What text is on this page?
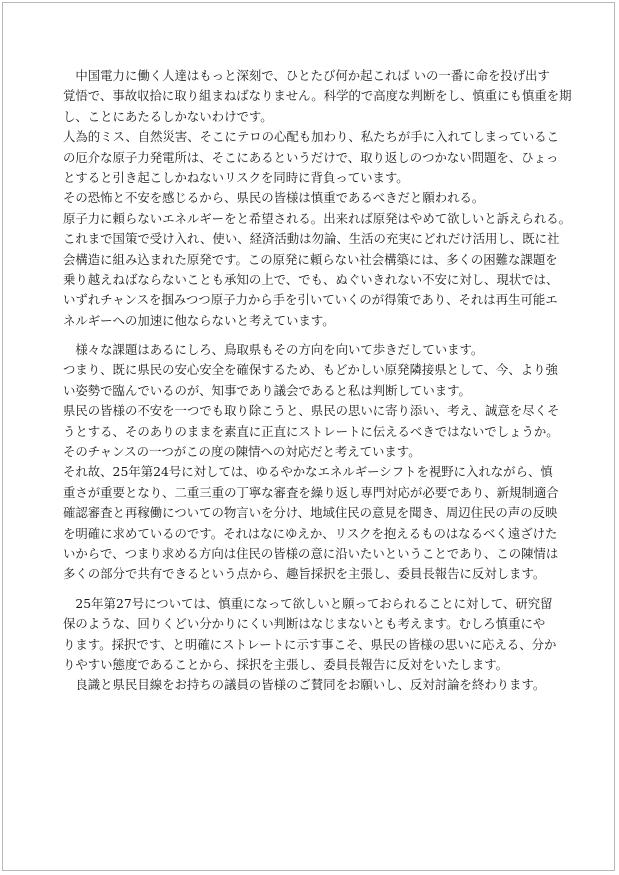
　中国電力に働く人達はもっと深刻で、ひとたび何か起これば いの一番に命を投げ出す
覚悟で、事故収拾に取り組まねばなりません。科学的で高度な判断をし、慎重にも慎重を期
し、ことにあたるしかないわけです。
人為的ミス、自然災害、そこにテロの心配も加わり、私たちが手に入れてしまっているこ
の厄介な原子力発電所は、そこにあるというだけで、取り返しのつかない問題を、ひょっ
とすると引き起こしかねないリスクを同時に背負っています。
その恐怖と不安を感じるから、県民の皆様は慎重であるべきだと願われる。
原子力に頼らないエネルギーをと希望される。出来れば原発はやめて欲しいと訴えられる。
これまで国策で受け入れ、使い、経済活動は勿論、生活の充実にどれだけ活用し、既に社
会構造に組み込まれた原発です。この原発に頼らない社会構築には、多くの困難な課題を
乗り越えねばならないことも承知の上で、でも、ぬぐいきれない不安に対し、現状では、
いずれチャンスを掴みつつ原子力から手を引いていくのが得策であり、それは再生可能エ
ネルギーへの加速に他ならないと考えています。
　様々な課題はあるにしろ、鳥取県もその方向を向いて歩きだしています。
つまり、既に県民の安心安全を確保するため、もどかしい原発隣接県として、今、より強
い姿勢で臨んでいるのが、知事であり議会であると私は判断しています。
県民の皆様の不安を一つでも取り除こうと、県民の思いに寄り添い、考え、誠意を尽くそ
うとする、そのありのままを素直に正直にストレートに伝えるべきではないでしょうか。
そのチャンスの一つがこの度の陳情への対応だと考えています。
それ故、25年第24号に対しては、ゆるやかなエネルギーシフトを視野に入れながら、慎
重さが重要となり、二重三重の丁寧な審査を繰り返し専門対応が必要であり、新規制適合
確認審査と再稼働についての物言いを分け、地域住民の意見を聞き、周辺住民の声の反映
を明確に求めているのです。それはなにゆえか、リスクを抱えるものはなるべく遠ざけた
いからで、つまり求める方向は住民の皆様の意に沿いたいということであり、この陳情は
多くの部分で共有できるという点から、趣旨採択を主張し、委員長報告に反対します。
　25年第27号については、慎重になって欲しいと願っておられることに対して、研究留
保のような、回りくどい分かりにくい判断はなじまないとも考えます。むしろ慎重にや
ります。採択です、と明確にストレートに示す事こそ、県民の皆様の思いに応える、分か
りやすい態度であることから、採択を主張し、委員長報告に反対をいたします。
　良識と県民目線をお持ちの議員の皆様のご賛同をお願いし、反対討論を終わります。
